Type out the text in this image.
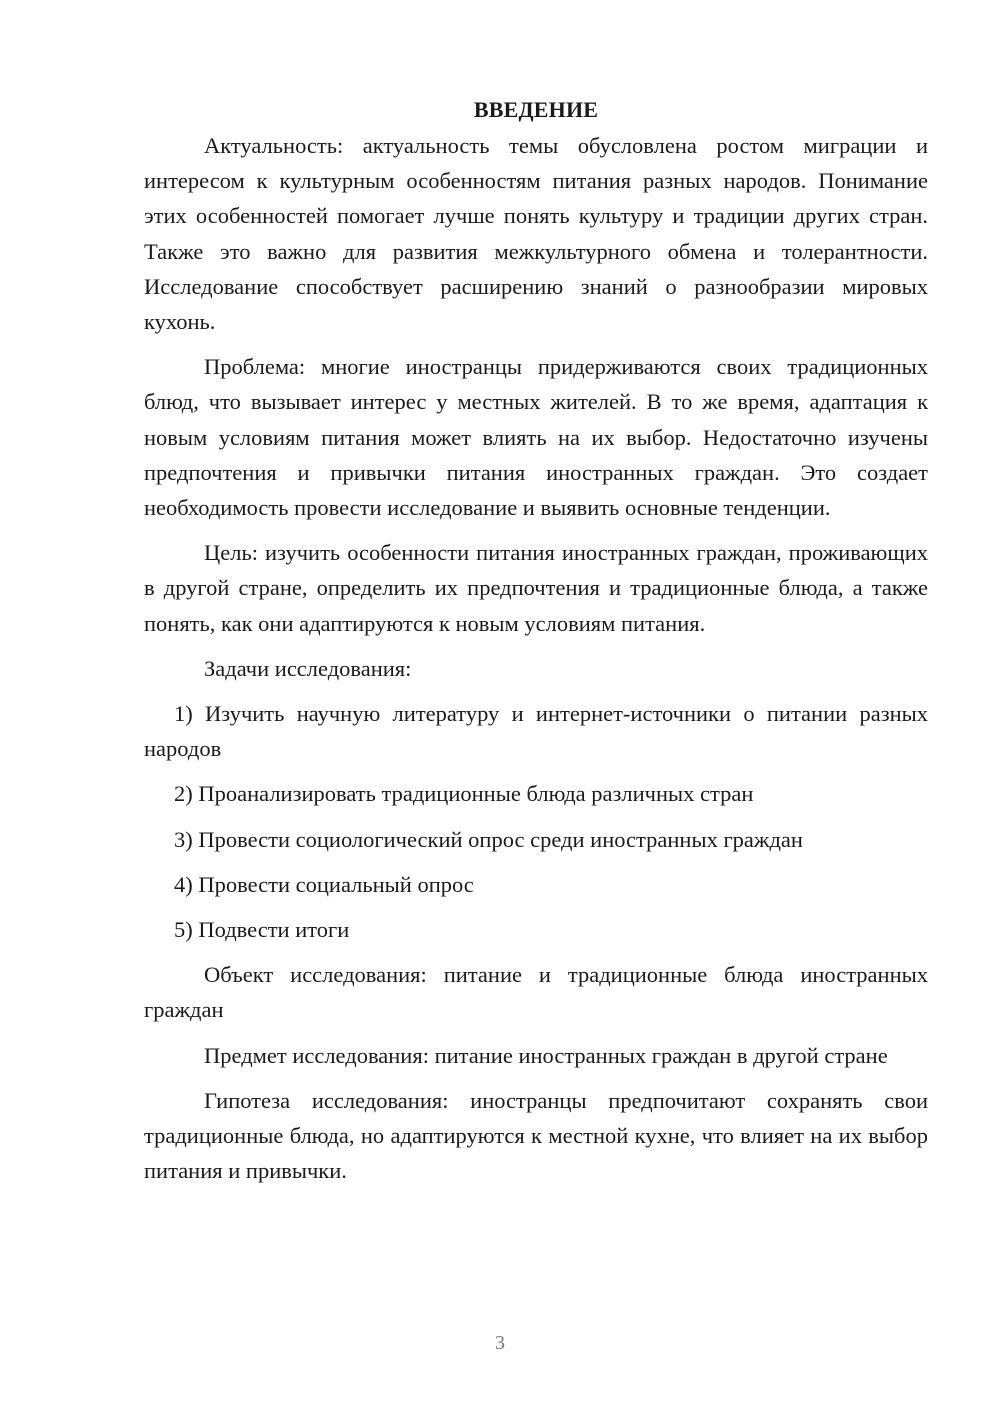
ВВЕДЕНИЕ

Актуальность: актуальность темы обусловлена ростом миграции и интересом к культурным особенностям питания разных народов. Понимание этих особенностей помогает лучше понять культуру и традиции других стран. Также это важно для развития межкультурного обмена и толерантности. Исследование способствует расширению знаний о разнообразии мировых кухонь.

Проблема: многие иностранцы придерживаются своих традиционных блюд, что вызывает интерес у местных жителей. В то же время, адаптация к новым условиям питания может влиять на их выбор. Недостаточно изучены предпочтения и привычки питания иностранных граждан. Это создает необходимость провести исследование и выявить основные тенденции.

Цель: изучить особенности питания иностранных граждан, проживающих в другой стране, определить их предпочтения и традиционные блюда, а также понять, как они адаптируются к новым условиям питания.

Задачи исследования:

1) Изучить научную литературу и интернет-источники о питании разных народов

2) Проанализировать традиционные блюда различных стран

3) Провести социологический опрос среди иностранных граждан

4) Провести социальный опрос

5) Подвести итоги

Объект исследования: питание и традиционные блюда иностранных граждан

Предмет исследования: питание иностранных граждан в другой стране

Гипотеза исследования: иностранцы предпочитают сохранять свои традиционные блюда, но адаптируются к местной кухне, что влияет на их выбор питания и привычки.

3
